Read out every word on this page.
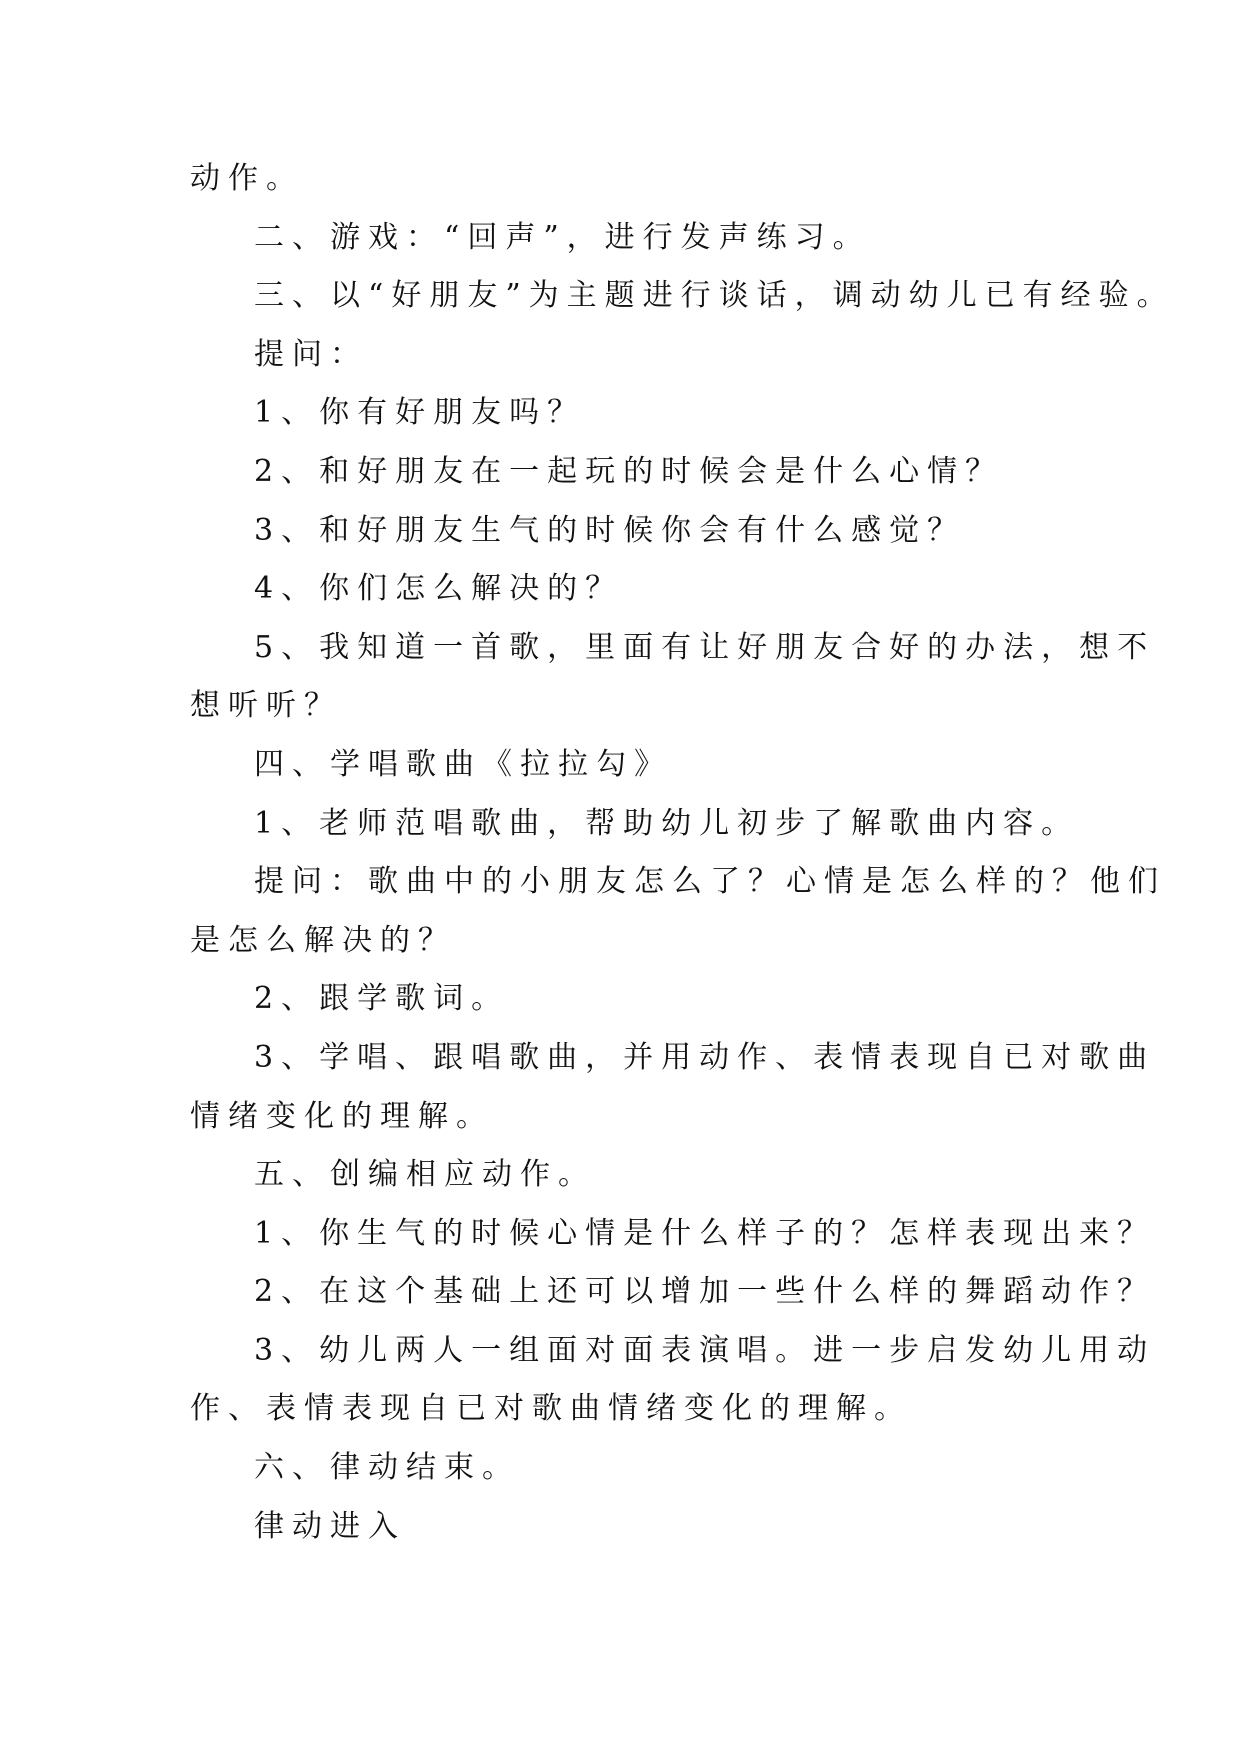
动作。
二、游戏：“回声”，进行发声练习。
三、以“好朋友”为主题进行谈话，调动幼儿已有经验。
提问：
1、你有好朋友吗？
2、和好朋友在一起玩的时候会是什么心情？
3、和好朋友生气的时候你会有什么感觉？
4、你们怎么解决的？
5、我知道一首歌，里面有让好朋友合好的办法，想不
想听听？
四、学唱歌曲《拉拉勾》
1、老师范唱歌曲，帮助幼儿初步了解歌曲内容。
提问：歌曲中的小朋友怎么了？心情是怎么样的？他们
是怎么解决的？
2、跟学歌词。
3、学唱、跟唱歌曲，并用动作、表情表现自已对歌曲
情绪变化的理解。
五、创编相应动作。
1、你生气的时候心情是什么样子的？怎样表现出来？
2、在这个基础上还可以增加一些什么样的舞蹈动作？
3、幼儿两人一组面对面表演唱。进一步启发幼儿用动
作、表情表现自已对歌曲情绪变化的理解。
六、律动结束。
律动进入
